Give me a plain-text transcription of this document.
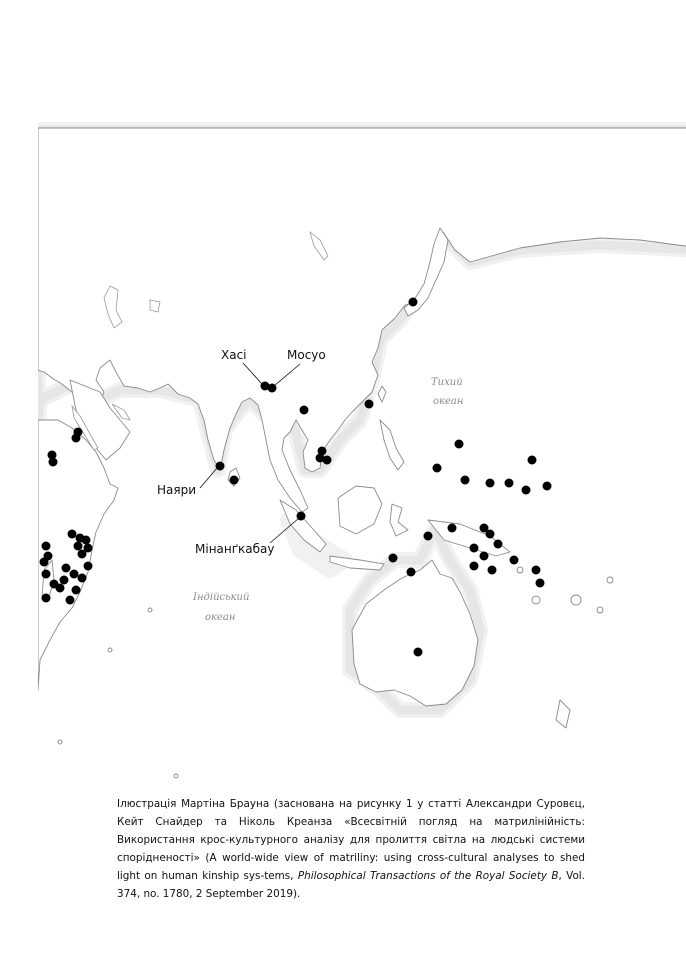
Тихий
океан
Індійський
океан
Хасі	Мосуо
Наяри
Мінанґкабау
Ілюстрація Мартіна Брауна (заснована на рисунку 1 у статті Александри Суровєц, Кейт Снайдер та Ніколь Креанза «Всесвітній погляд на матрилінійність: Використання крос-культурного аналізу для пролиття світла на людські системи спорідненості» (A world-wide view of matriliny: using cross-cultural analyses to shed light on human kinship sys-tems, Philosophical Transactions of the Royal Society B, Vol. 374, no. 1780, 2 September 2019).
